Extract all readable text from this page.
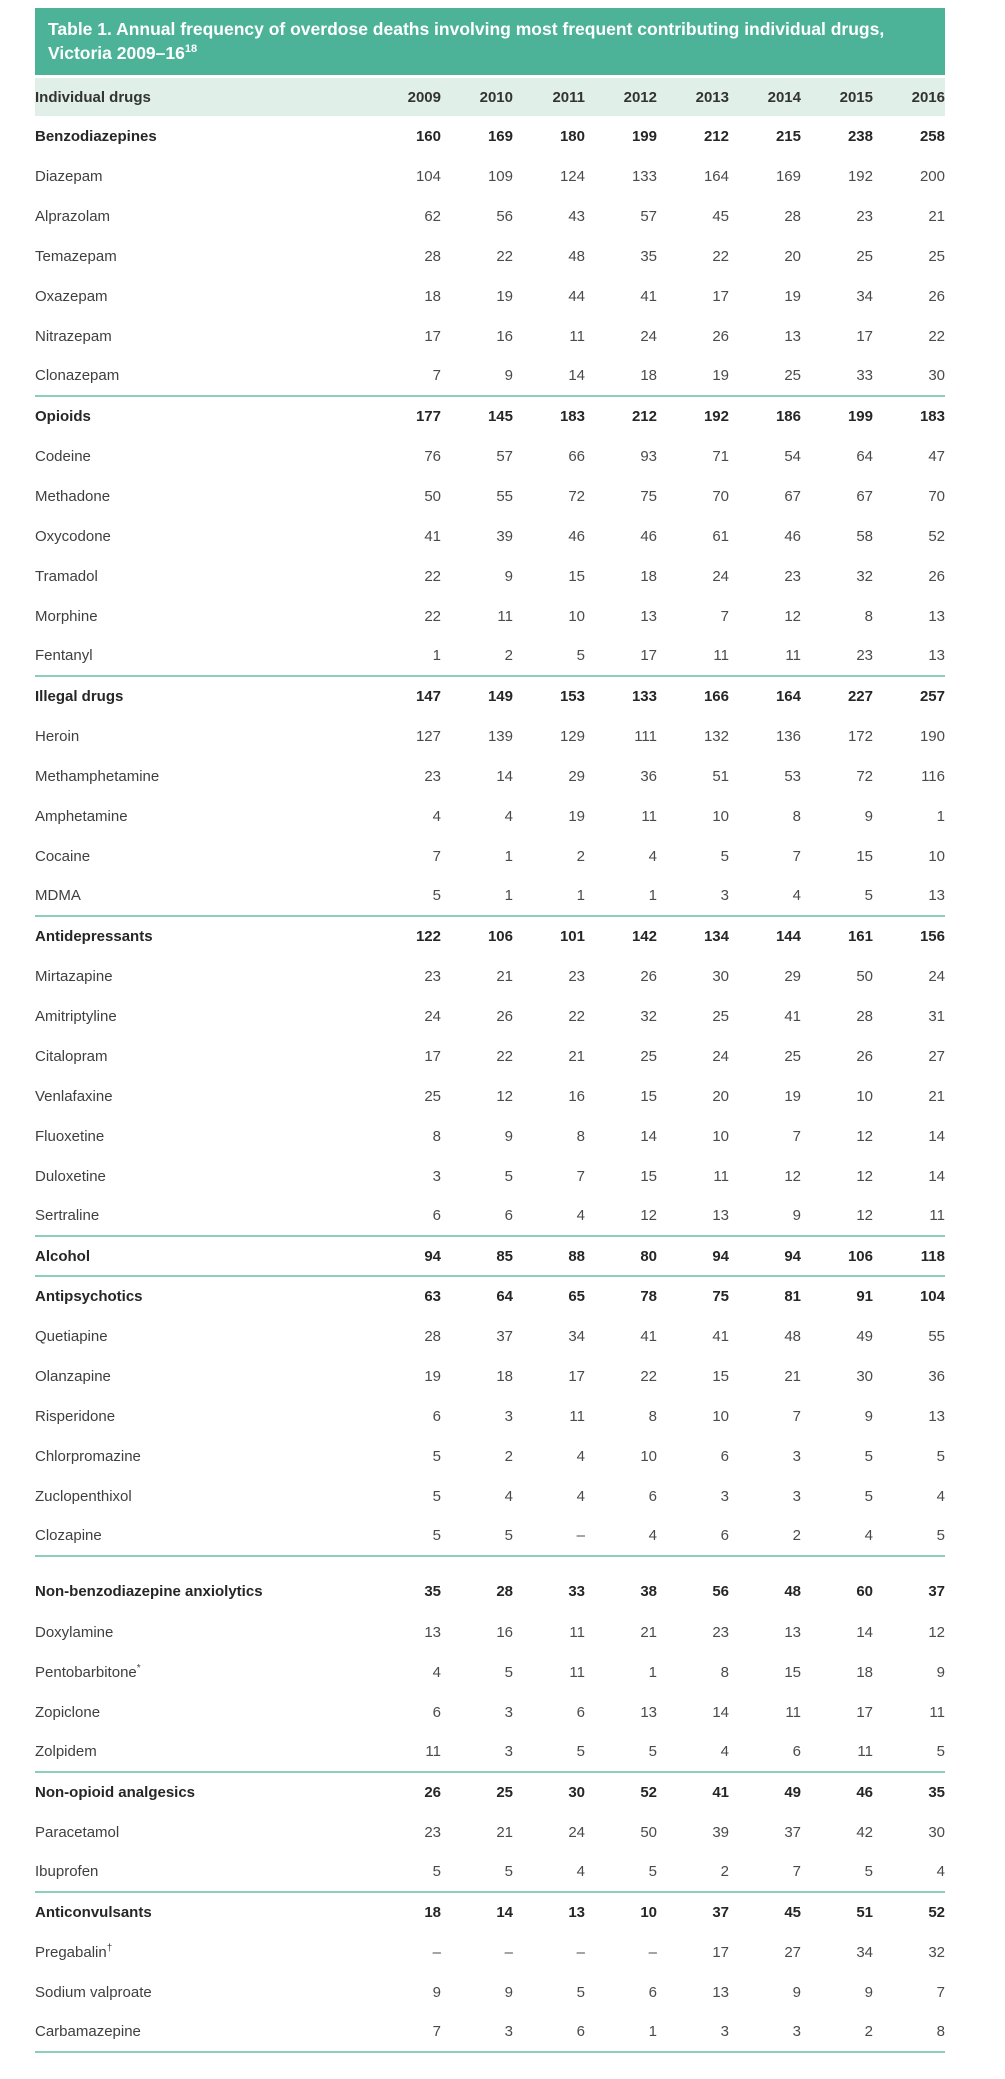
Table 1. Annual frequency of overdose deaths involving most frequent contributing individual drugs, Victoria $2009-16^{18}$
Individual drugs	2009	2010	2011	2012	2013	2014	2015	2016
Benzodiazepines	160	169	180	199	212	215	238	258
Diazepam	104	109	124	133	164	169	192	200
Alprazolam	62	56	43	57	45	28	23	21
Temazepam	28	22	48	35	22	20	25	25
Oxazepam	18	19	44	41	17	19	34	26
Nitrazepam	17	16	11	24	26	13	17	22
Clonazepam	7	9	14	18	19	25	33	30
Opioids	177	145	183	212	192	186	199	183
Codeine	76	57	66	93	71	54	64	47
Methadone	50	55	72	75	70	67	67	70
Oxycodone	41	39	46	46	61	46	58	52
Tramadol	22	9	15	18	24	23	32	26
Morphine	22	11	10	13	7	12	8	13
Fentanyl	1	2	5	17	11	11	23	13
Illegal drugs	147	149	153	133	166	164	227	257
Heroin	127	139	129	111	132	136	172	190
Methamphetamine	23	14	29	36	51	53	72	116
Amphetamine	4	4	19	11	10	8	9	1
Cocaine	7	1	2	4	5	7	15	10
MDMA	5	1	1	1	3	4	5	13
Antidepressants	122	106	101	142	134	144	161	156
Mirtazapine	23	21	23	26	30	29	50	24
Amitriptyline	24	26	22	32	25	41	28	31
Citalopram	17	22	21	25	24	25	26	27
Venlafaxine	25	12	16	15	20	19	10	21
Fluoxetine	8	9	8	14	10	7	12	14
Duloxetine	3	5	7	15	11	12	12	14
Sertraline	6	6	4	12	13	9	12	11
Alcohol	94	85	88	80	94	94	106	118
Antipsychotics	63	64	65	78	75	81	91	104
Quetiapine	28	37	34	41	41	48	49	55
Olanzapine	19	18	17	22	15	21	30	36
Risperidone	6	3	11	8	10	7	9	13
Chlorpromazine	5	2	4	10	6	3	5	5
Zuclopenthixol	5	4	4	6	3	3	5	4
Clozapine	5	5	–	4	6	2	4	5
Non-benzodiazepine anxiolytics	35	28	33	38	56	48	60	37
Doxylamine	13	16	11	21	23	13	14	12
Pentobarbitone*	4	5	11	1	8	15	18	9
Zopiclone	6	3	6	13	14	11	17	11
Zolpidem	11	3	5	5	4	6	11	5
Non-opioid analgesics	26	25	30	52	41	49	46	35
Paracetamol	23	21	24	50	39	37	42	30
Ibuprofen	5	5	4	5	2	7	5	4
Anticonvulsants	18	14	13	10	37	45	51	52
Pregabalin†	–	–	–	–	17	27	34	32
Sodium valproate	9	9	5	6	13	9	9	7
Carbamazepine	7	3	6	1	3	3	2	8
